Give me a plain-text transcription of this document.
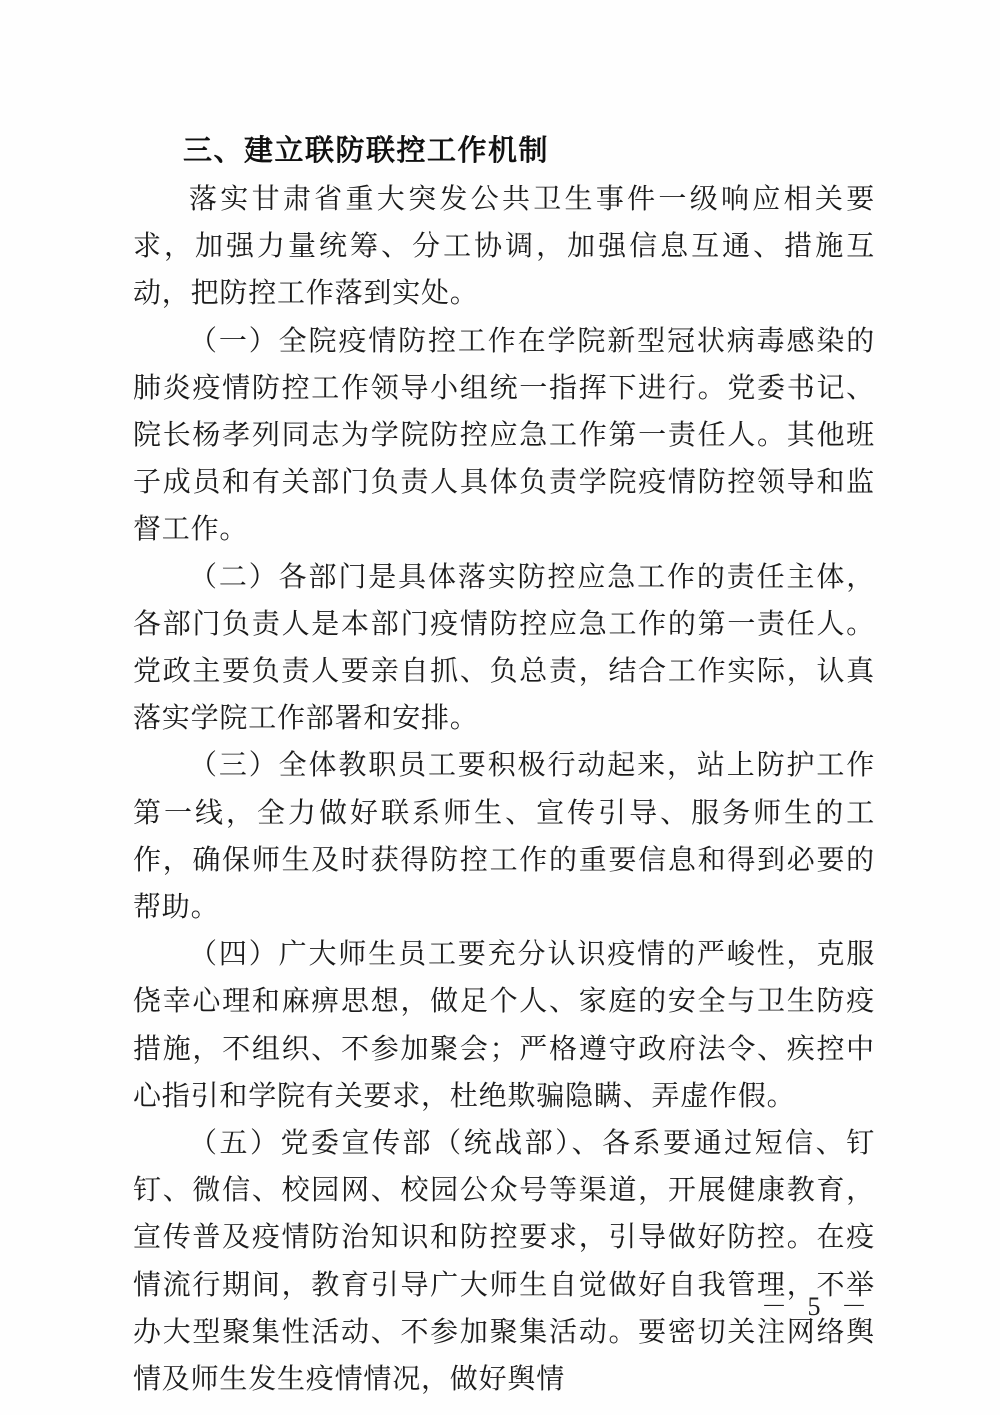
三、建立联防联控工作机制

落实甘肃省重大突发公共卫生事件一级响应相关要求，加强力量统筹、分工协调，加强信息互通、措施互动，把防控工作落到实处。

（一）全院疫情防控工作在学院新型冠状病毒感染的肺炎疫情防控工作领导小组统一指挥下进行。党委书记、院长杨孝列同志为学院防控应急工作第一责任人。其他班子成员和有关部门负责人具体负责学院疫情防控领导和监督工作。

（二）各部门是具体落实防控应急工作的责任主体，各部门负责人是本部门疫情防控应急工作的第一责任人。党政主要负责人要亲自抓、负总责，结合工作实际，认真落实学院工作部署和安排。

（三）全体教职员工要积极行动起来，站上防护工作第一线，全力做好联系师生、宣传引导、服务师生的工作，确保师生及时获得防控工作的重要信息和得到必要的帮助。

（四）广大师生员工要充分认识疫情的严峻性，克服侥幸心理和麻痹思想，做足个人、家庭的安全与卫生防疫措施，不组织、不参加聚会；严格遵守政府法令、疾控中心指引和学院有关要求，杜绝欺骗隐瞒、弄虚作假。

（五）党委宣传部（统战部）、各系要通过短信、钉钉、微信、校园网、校园公众号等渠道，开展健康教育，宣传普及疫情防治知识和防控要求，引导做好防控。在疫情流行期间，教育引导广大师生自觉做好自我管理，不举办大型聚集性活动、不参加聚集活动。要密切关注网络舆情及师生发生疫情情况，做好舆情

－ 5 －
